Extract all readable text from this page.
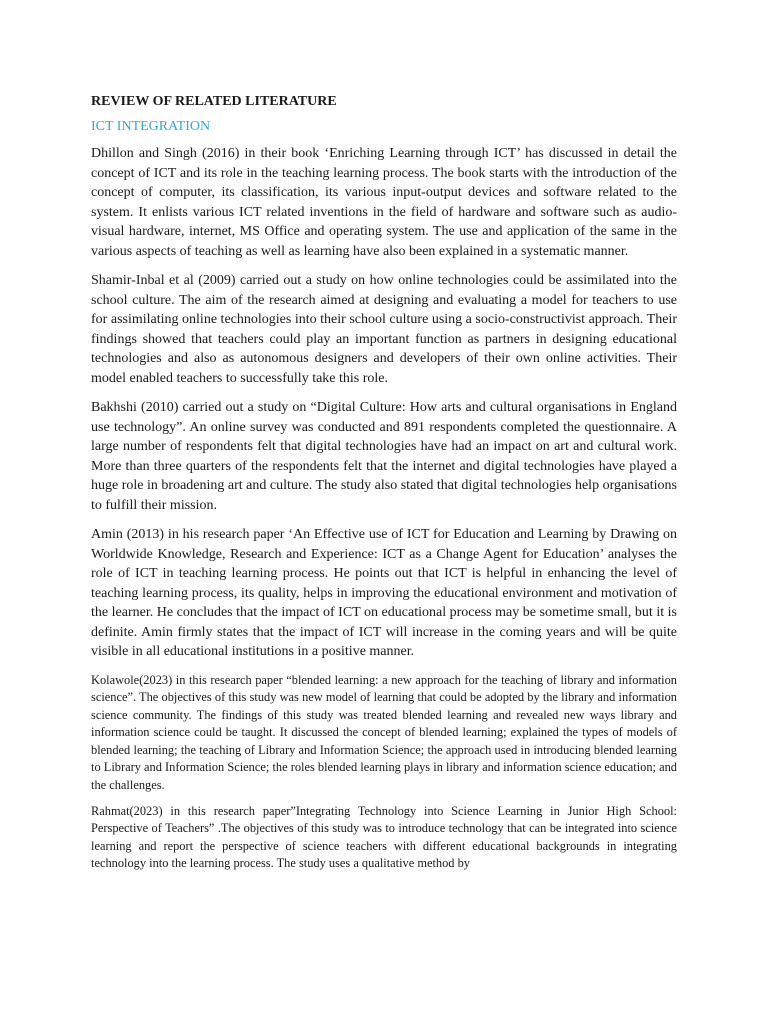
REVIEW OF RELATED LITERATURE
ICT INTEGRATION

Dhillon and Singh (2016) in their book ‘Enriching Learning through ICT’ has discussed in detail the concept of ICT and its role in the teaching learning process. The book starts with the introduction of the concept of computer, its classification, its various input-output devices and software related to the system. It enlists various ICT related inventions in the field of hardware and software such as audio-visual hardware, internet, MS Office and operating system. The use and application of the same in the various aspects of teaching as well as learning have also been explained in a systematic manner.

Shamir-Inbal et al (2009) carried out a study on how online technologies could be assimilated into the school culture. The aim of the research aimed at designing and evaluating a model for teachers to use for assimilating online technologies into their school culture using a socio-constructivist approach. Their findings showed that teachers could play an important function as partners in designing educational technologies and also as autonomous designers and developers of their own online activities. Their model enabled teachers to successfully take this role.

Bakhshi (2010) carried out a study on “Digital Culture: How arts and cultural organisations in England use technology”. An online survey was conducted and 891 respondents completed the questionnaire. A large number of respondents felt that digital technologies have had an impact on art and cultural work. More than three quarters of the respondents felt that the internet and digital technologies have played a huge role in broadening art and culture. The study also stated that digital technologies help organisations to fulfill their mission.

Amin (2013) in his research paper ‘An Effective use of ICT for Education and Learning by Drawing on Worldwide Knowledge, Research and Experience: ICT as a Change Agent for Education’ analyses the role of ICT in teaching learning process. He points out that ICT is helpful in enhancing the level of teaching learning process, its quality, helps in improving the educational environment and motivation of the learner. He concludes that the impact of ICT on educational process may be sometime small, but it is definite. Amin firmly states that the impact of ICT will increase in the coming years and will be quite visible in all educational institutions in a positive manner.

Kolawole(2023) in this research paper “blended learning: a new approach for the teaching of library and information science”. The objectives of this study was new model of learning that could be adopted by the library and information science community. The findings of this study was treated blended learning and revealed new ways library and information science could be taught. It discussed the concept of blended learning; explained the types of models of blended learning; the teaching of Library and Information Science; the approach used in introducing blended learning to Library and Information Science; the roles blended learning plays in library and information science education; and the challenges.

Rahmat(2023) in this research paper”Integrating Technology into Science Learning in Junior High School: Perspective of Teachers” .The objectives of this study was to introduce technology that can be integrated into science learning and report the perspective of science teachers with different educational backgrounds in integrating technology into the learning process. The study uses a qualitative method by
